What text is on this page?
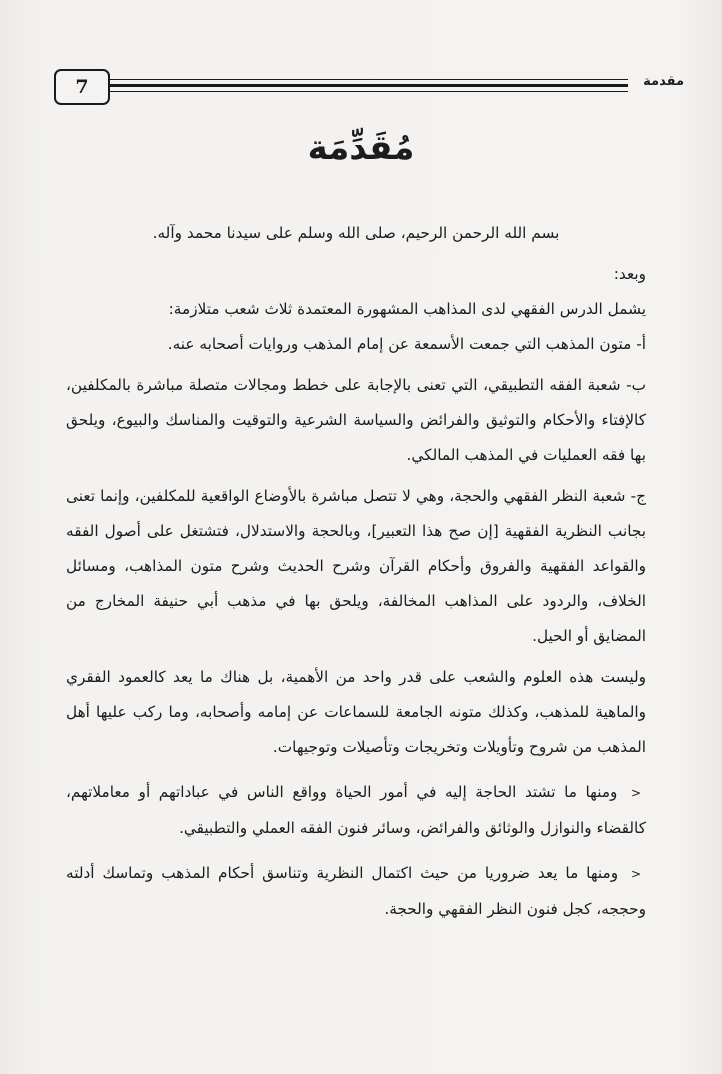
7	مقدمة
مُقَدِّمَة

بسم الله الرحمن الرحيم، صلى الله وسلم على سيدنا محمد وآله.

وبعد:

يشمل الدرس الفقهي لدى المذاهب المشهورة المعتمدة ثلاث شعب متلازمة:

أ- متون المذهب التي جمعت الأسمعة عن إمام المذهب وروايات أصحابه عنه.

ب- شعبة الفقه التطبيقي، التي تعنى بالإجابة على خطط ومجالات متصلة مباشرة بالمكلفين، كالإفتاء والأحكام والتوثيق والفرائض والسياسة الشرعية والتوقيت والمناسك والبيوع، ويلحق بها فقه العمليات في المذهب المالكي.

ج- شعبة النظر الفقهي والحجة، وهي لا تتصل مباشرة بالأوضاع الواقعية للمكلفين، وإنما تعنى بجانب النظرية الفقهية [إن صح هذا التعبير]، وبالحجة والاستدلال، فتشتغل على أصول الفقه والقواعد الفقهية والفروق وأحكام القرآن وشرح الحديث وشرح متون المذاهب، ومسائل الخلاف، والردود على المذاهب المخالفة، ويلحق بها في مذهب أبي حنيفة المخارج من المضايق أو الحيل.

وليست هذه العلوم والشعب على قدر واحد من الأهمية، بل هناك ما يعد كالعمود الفقري والماهية للمذهب، وكذلك متونه الجامعة للسماعات عن إمامه وأصحابه، وما ركب عليها أهل المذهب من شروح وتأويلات وتخريجات وتأصيلات وتوجيهات.

< ومنها ما تشتد الحاجة إليه في أمور الحياة وواقع الناس في عباداتهم أو معاملاتهم، كالقضاء والنوازل والوثائق والفرائض، وسائر فنون الفقه العملي والتطبيقي.

< ومنها ما يعد ضروريا من حيث اكتمال النظرية وتناسق أحكام المذهب وتماسك أدلته وحججه، كجل فنون النظر الفقهي والحجة.
